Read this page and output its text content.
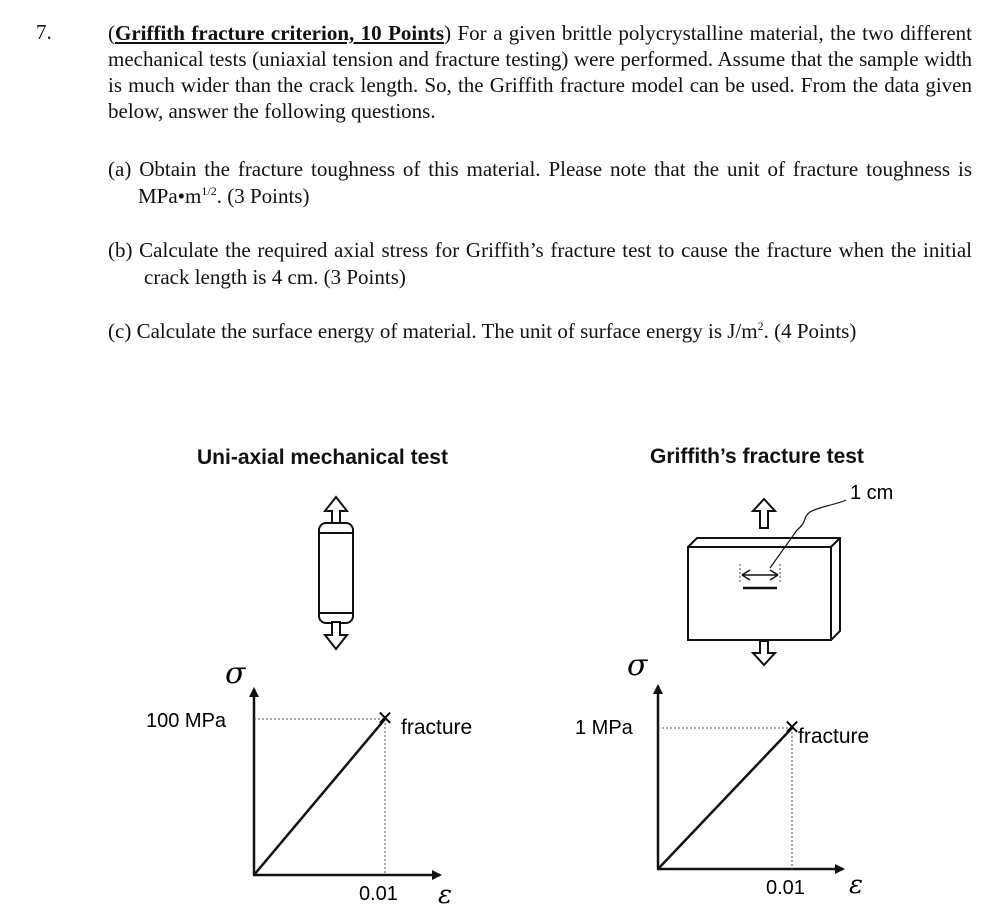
7.	(Griffith fracture criterion, 10 Points) For a given brittle polycrystalline material, the two different mechanical tests (uniaxial tension and fracture testing) were performed. Assume that the sample width is much wider than the crack length. So, the Griffith fracture model can be used. From the data given below, answer the following questions.
(a) Obtain the fracture toughness of this material. Please note that the unit of fracture toughness is $MPa•m^{1/2}$. (3 Points)
(b) Calculate the required axial stress for Griffith’s fracture test to cause the fracture when the initial crack length is 4 cm. (3 Points)
(c) Calculate the surface energy of material. The unit of surface energy is $J/m^2$. (4 Points)
Uni-axial mechanical test	Griffith’s fracture test
✕ fracture
100 MPa
0.01
σ
ε
1 cm
✕
fracture
1 MPa
0.01
σ
ε
